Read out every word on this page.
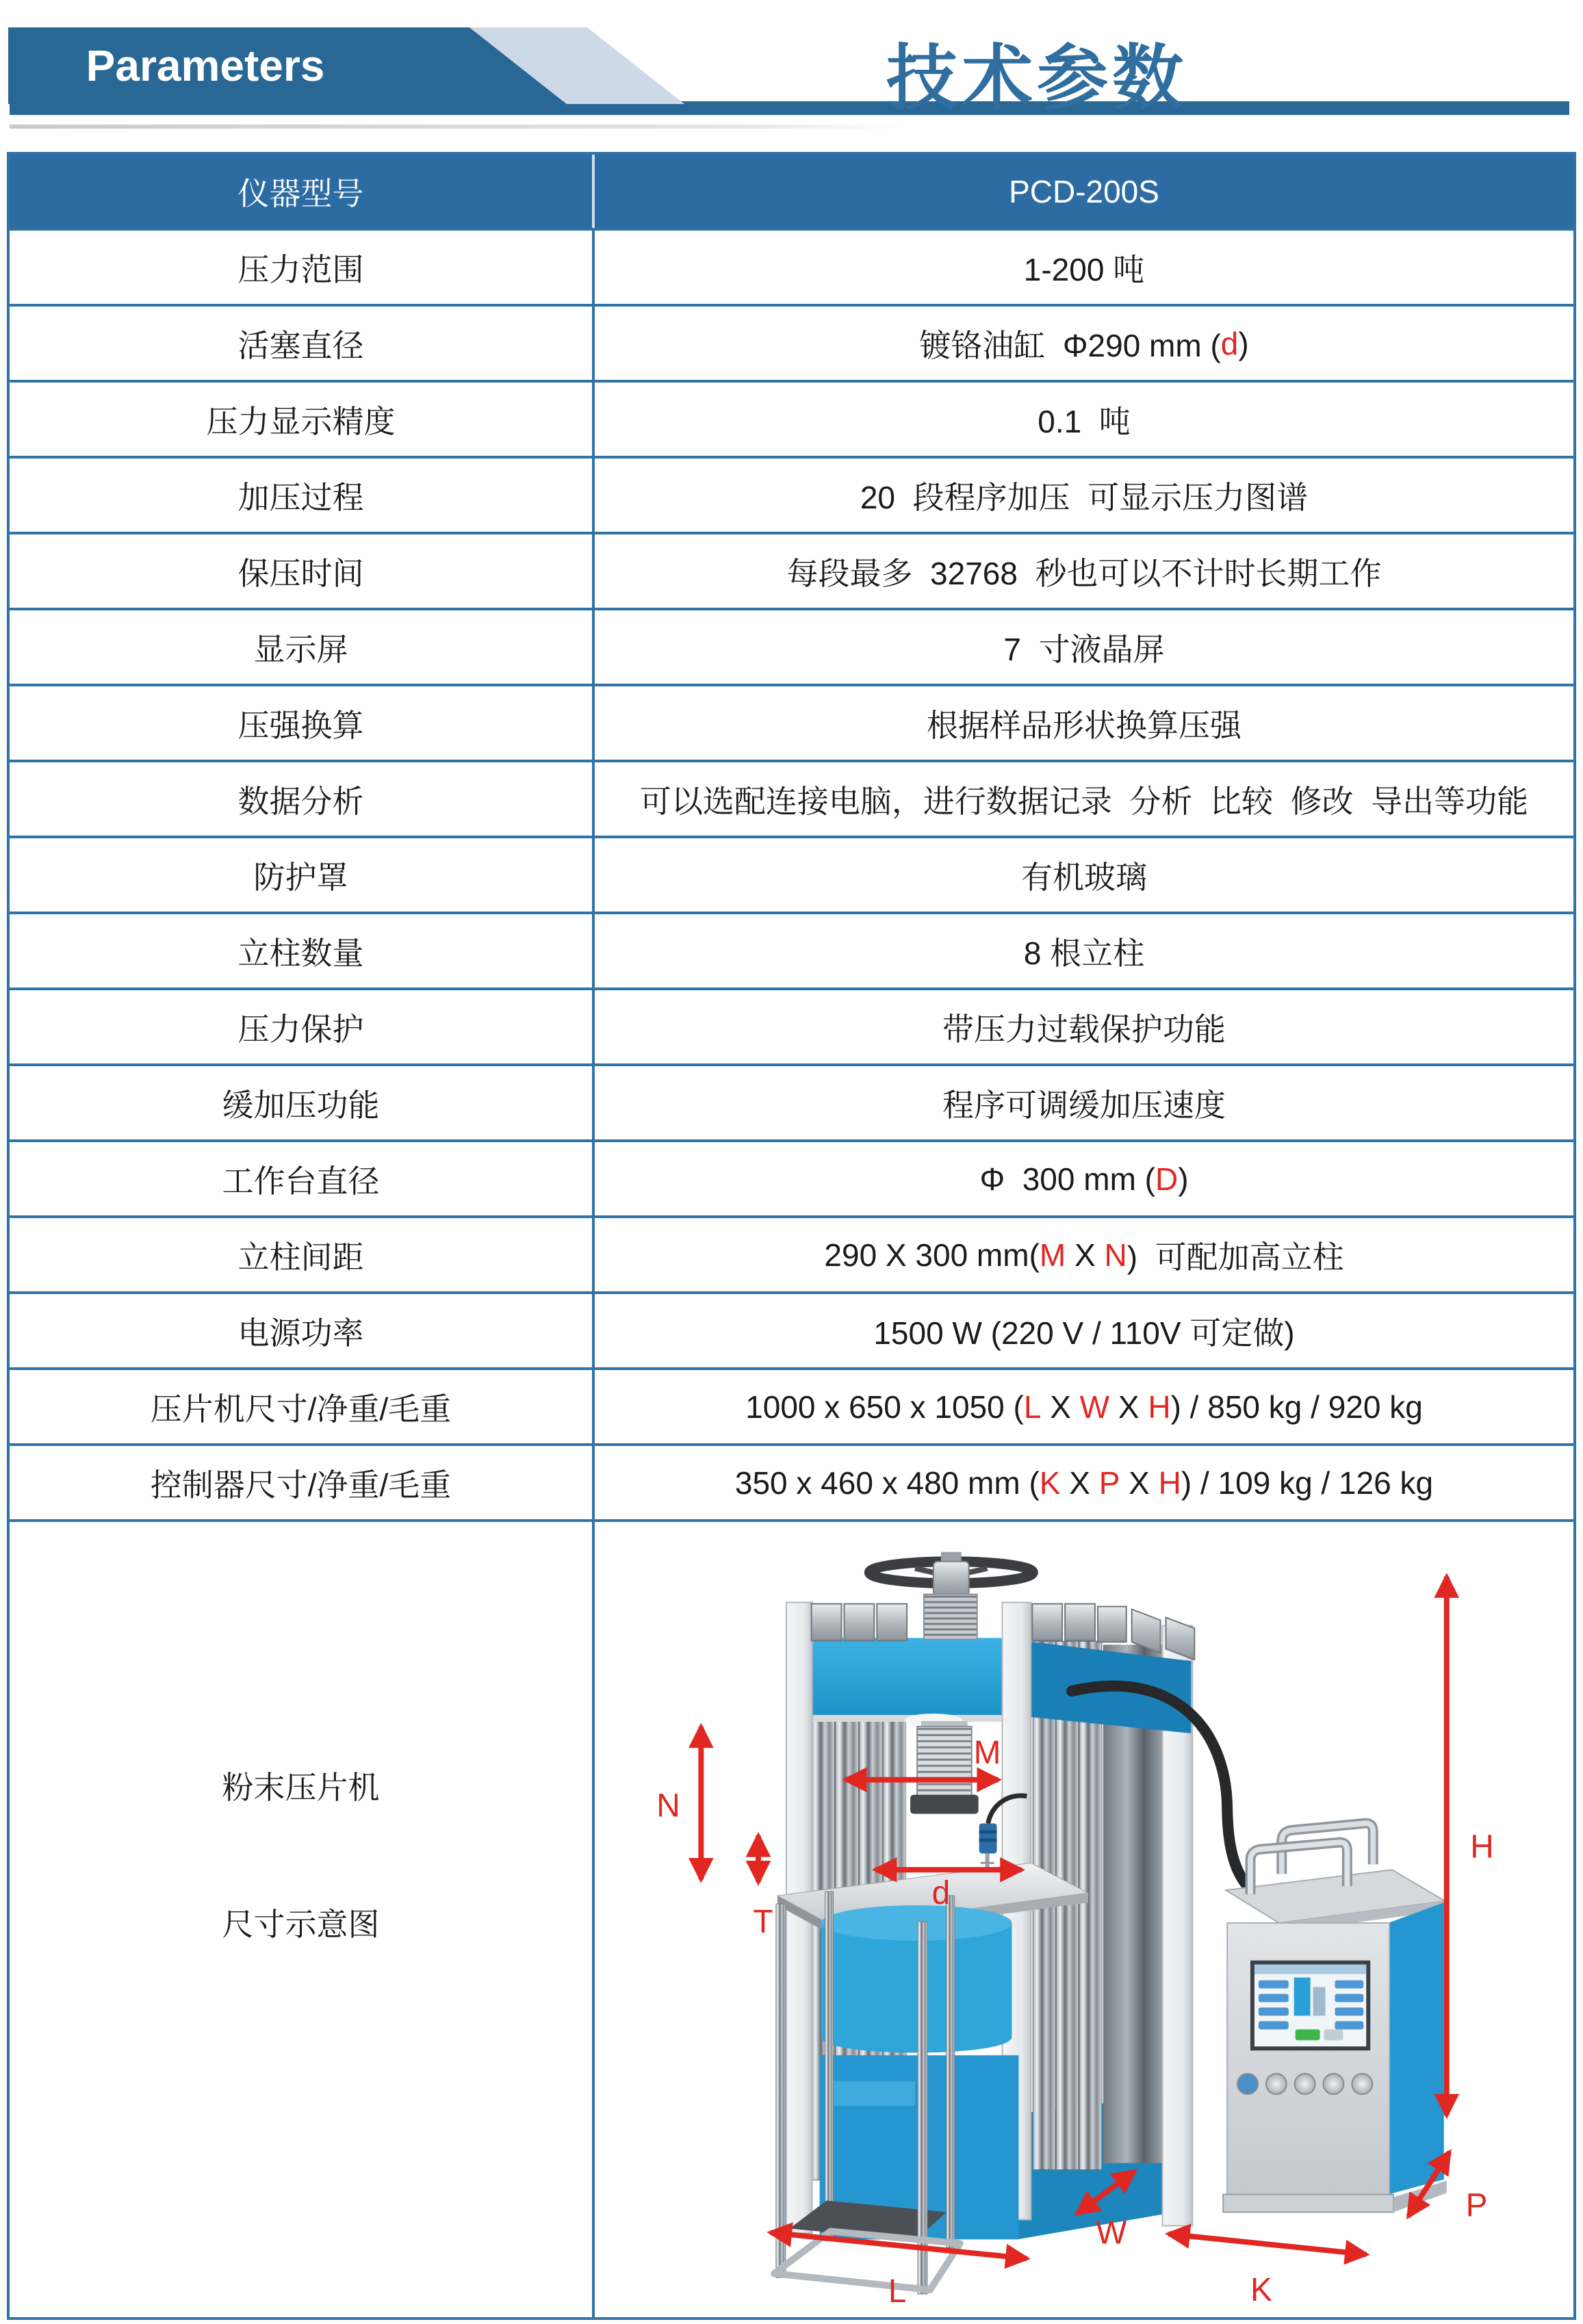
Parameters	技术参数
仪器型号	PCD-200S
压力范围	1-200 吨
活塞直径	镀铬油缸  Φ290 mm ( d )
压力显示精度	0.1  吨
加压过程	20  段程序加压  可显示压力图谱
保压时间	每段最多  32768  秒也可以不计时长期工作
显示屏	7  寸液晶屏
压强换算	根据样品形状换算压强
数据分析	可以选配连接电脑，进行数据记录  分析  比较  修改  导出等功能
防护罩	有机玻璃
立柱数量	8 根立柱
压力保护	带压力过载保护功能
缓加压功能	程序可调缓加压速度
工作台直径	Φ  300 mm ( D )
立柱间距	290 X 300 mm( M X N )  可配加高立柱
电源功率	1500 W (220 V / 110V 可定做)
压片机尺寸/净重/毛重	1000 x 650 x 1050 ( L X W X H ) / 850 kg / 920 kg
控制器尺寸/净重/毛重	350 x 460 x 480 mm ( K X P X H ) / 109 kg / 126 kg
粉末压片机
尺寸示意图
N
T
M
d
H
L
W
K
P
